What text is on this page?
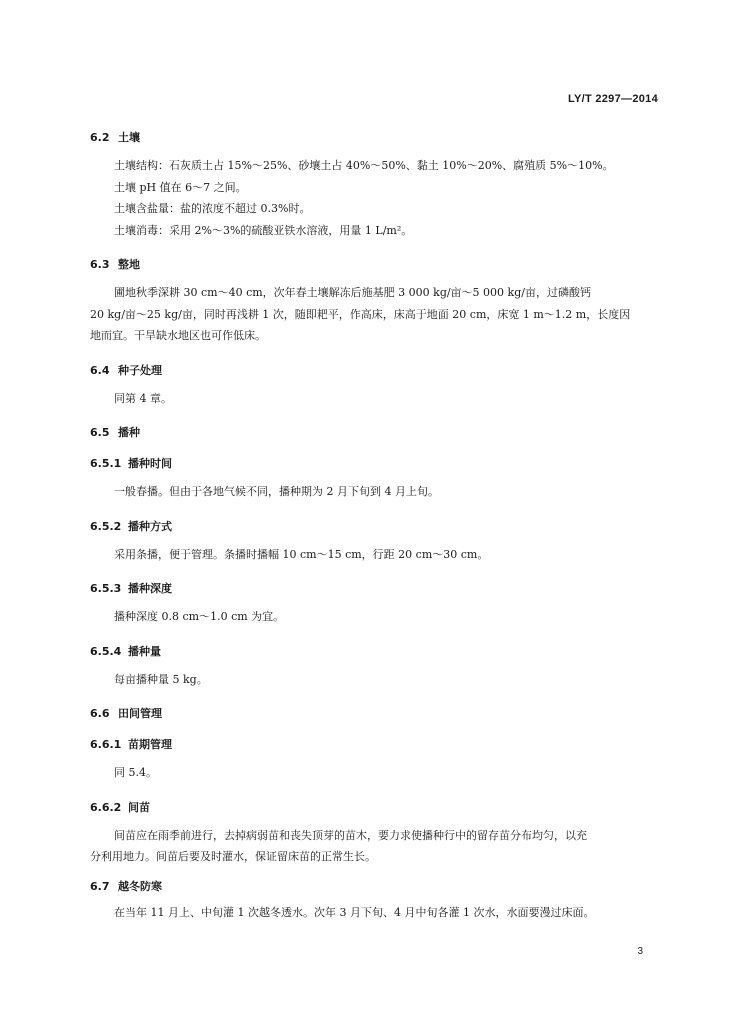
LY/T 2297—2014
6.2 土壤

土壤结构：石灰质土占 15%～25%、砂壤土占 40%～50%、黏土 10%～20%、腐殖质 5%～10%。

土壤 pH 值在 6～7 之间。

土壤含盐量：盐的浓度不超过 0.3%时。

土壤消毒：采用 2%～3%的硫酸亚铁水溶液，用量 1 L/m²。

6.3 整地

圃地秋季深耕 30 cm～40 cm，次年春土壤解冻后施基肥 3 000 kg/亩～5 000 kg/亩，过磷酸钙
20 kg/亩～25 kg/亩，同时再浅耕 1 次，随即耙平，作高床，床高于地面 20 cm，床宽 1 m～1.2 m，长度因
地而宜。干旱缺水地区也可作低床。

6.4 种子处理

同第 4 章。

6.5 播种
6.5.1 播种时间

一般春播。但由于各地气候不同，播种期为 2 月下旬到 4 月上旬。

6.5.2 播种方式

采用条播，便于管理。条播时播幅 10 cm～15 cm，行距 20 cm～30 cm。

6.5.3 播种深度

播种深度 0.8 cm～1.0 cm 为宜。

6.5.4 播种量

每亩播种量 5 kg。

6.6 田间管理
6.6.1 苗期管理

同 5.4。

6.6.2 间苗

间苗应在雨季前进行，去掉病弱苗和丧失顶芽的苗木，要力求使播种行中的留存苗分布均匀，以充
分利用地力。间苗后要及时灌水，保证留床苗的正常生长。

6.7 越冬防寒

在当年 11 月上、中旬灌 1 次越冬透水。次年 3 月下旬、4 月中旬各灌 1 次水，水面要漫过床面。

3
